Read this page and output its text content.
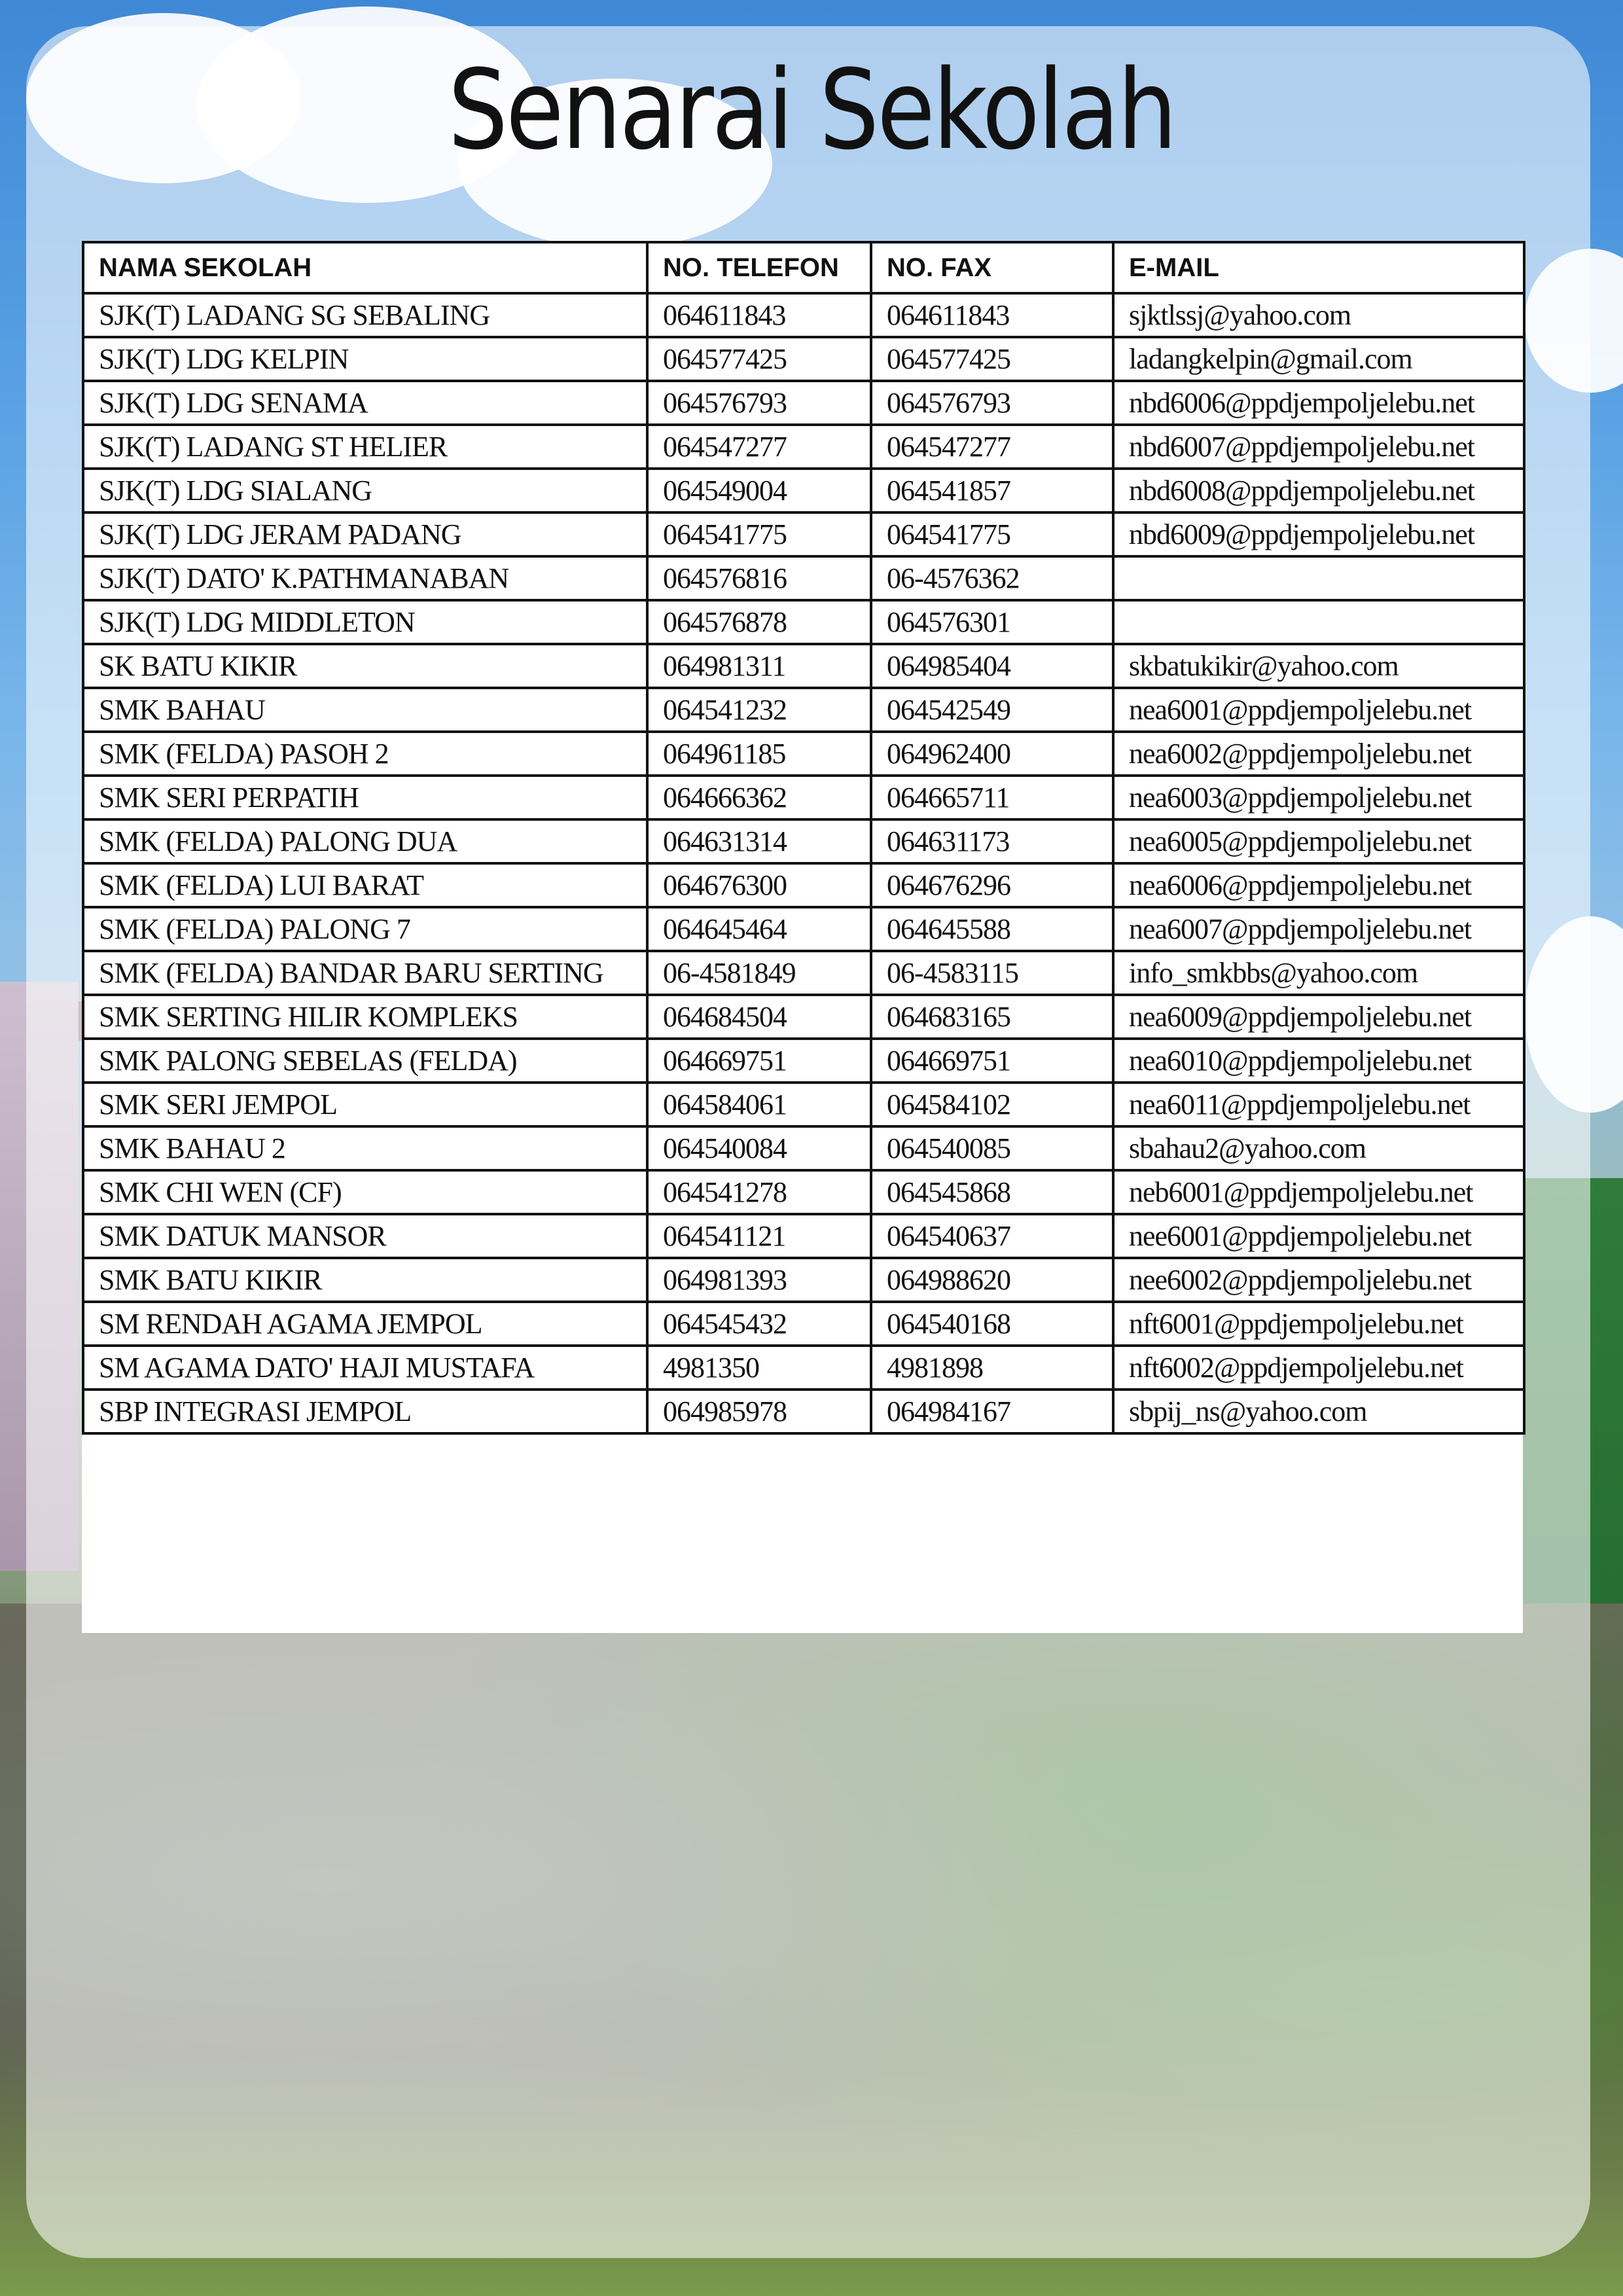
Senarai Sekolah
NAMA SEKOLAH	NO. TELEFON	NO. FAX	E-MAIL
SJK(T) LADANG SG SEBALING	064611843	064611843	sjktlssj@yahoo.com
SJK(T) LDG KELPIN	064577425	064577425	ladangkelpin@gmail.com
SJK(T) LDG SENAMA	064576793	064576793	nbd6006@ppdjempoljelebu.net
SJK(T) LADANG ST HELIER	064547277	064547277	nbd6007@ppdjempoljelebu.net
SJK(T) LDG SIALANG	064549004	064541857	nbd6008@ppdjempoljelebu.net
SJK(T) LDG JERAM PADANG	064541775	064541775	nbd6009@ppdjempoljelebu.net
SJK(T) DATO' K.PATHMANABAN	064576816	06-4576362	
SJK(T) LDG MIDDLETON	064576878	064576301	
SK BATU KIKIR	064981311	064985404	skbatukikir@yahoo.com
SMK BAHAU	064541232	064542549	nea6001@ppdjempoljelebu.net
SMK (FELDA) PASOH 2	064961185	064962400	nea6002@ppdjempoljelebu.net
SMK SERI PERPATIH	064666362	064665711	nea6003@ppdjempoljelebu.net
SMK (FELDA) PALONG DUA	064631314	064631173	nea6005@ppdjempoljelebu.net
SMK (FELDA) LUI BARAT	064676300	064676296	nea6006@ppdjempoljelebu.net
SMK (FELDA) PALONG 7	064645464	064645588	nea6007@ppdjempoljelebu.net
SMK (FELDA) BANDAR BARU SERTING	06-4581849	06-4583115	info_smkbbs@yahoo.com
SMK SERTING HILIR KOMPLEKS	064684504	064683165	nea6009@ppdjempoljelebu.net
SMK PALONG SEBELAS (FELDA)	064669751	064669751	nea6010@ppdjempoljelebu.net
SMK SERI JEMPOL	064584061	064584102	nea6011@ppdjempoljelebu.net
SMK BAHAU 2	064540084	064540085	sbahau2@yahoo.com
SMK CHI WEN (CF)	064541278	064545868	neb6001@ppdjempoljelebu.net
SMK DATUK MANSOR	064541121	064540637	nee6001@ppdjempoljelebu.net
SMK BATU KIKIR	064981393	064988620	nee6002@ppdjempoljelebu.net
SM RENDAH AGAMA JEMPOL	064545432	064540168	nft6001@ppdjempoljelebu.net
SM AGAMA DATO' HAJI MUSTAFA	4981350	4981898	nft6002@ppdjempoljelebu.net
SBP INTEGRASI JEMPOL	064985978	064984167	sbpij_ns@yahoo.com
